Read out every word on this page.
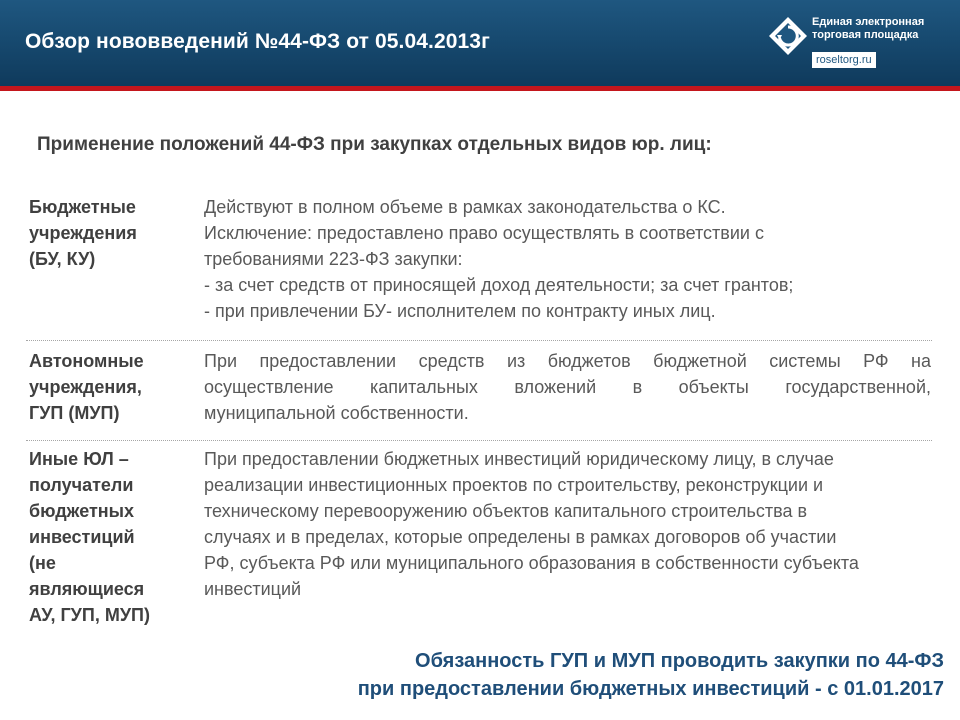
Обзор нововведений №44-ФЗ от 05.04.2013г
Единая электронная
торговая площадка
roseltorg.ru
Применение положений 44-ФЗ при закупках отдельных видов юр. лиц:
Бюджетные
учреждения
(БУ, КУ)

Действуют в полном объеме в рамках законодательства о КС.

Исключение: предоставлено право осуществлять в соответствии с

требованиями 223-ФЗ закупки:

- за счет средств от приносящей доход деятельности; за счет грантов;

- при привлечении БУ- исполнителем по контракту иных лиц.

Автономные
учреждения,
ГУП (МУП)

При предоставлении средств из бюджетов бюджетной системы РФ на

осуществление капитальных вложений в объекты государственной,

муниципальной собственности.

Иные ЮЛ –
получатели
бюджетных
инвестиций
(не
являющиеся
АУ, ГУП, МУП)

При предоставлении бюджетных инвестиций юридическому лицу, в случае

реализации инвестиционных проектов по строительству, реконструкции и

техническому перевооружению объектов капитального строительства в

случаях и в пределах, которые определены в рамках договоров об участии

РФ, субъекта РФ или муниципального образования в собственности субъекта

инвестиций

Обязанность ГУП и МУП проводить закупки по 44-ФЗ
при предоставлении бюджетных инвестиций - с 01.01.2017
